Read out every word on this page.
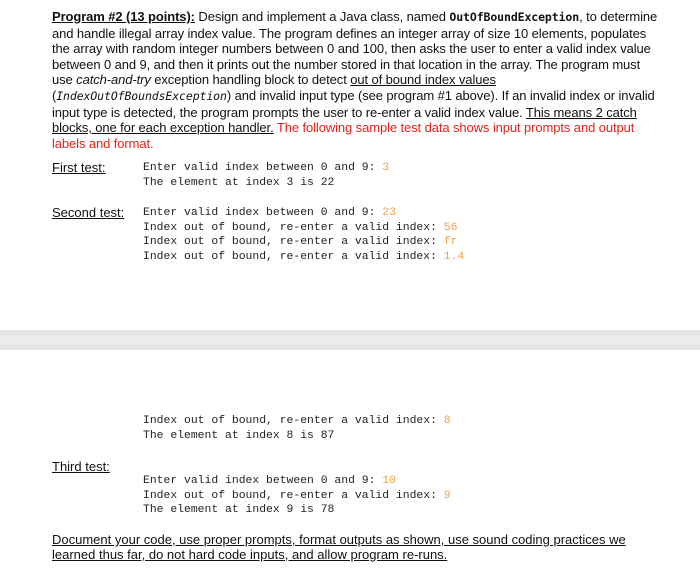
Program #2 (13 points): Design and implement a Java class, named OutOfBoundException, to determine and handle illegal array index value. The program defines an integer array of size 10 elements, populates the array with random integer numbers between 0 and 100, then asks the user to enter a valid index value between 0 and 9, and then it prints out the number stored in that location in the array. The program must use catch-and-try exception handling block to detect out of bound index values (IndexOutOfBoundsException) and invalid input type (see program #1 above). If an invalid index or invalid input type is detected, the program prompts the user to re-enter a valid index value. This means 2 catch blocks, one for each exception handler. The following sample test data shows input prompts and output labels and format.
First test:	Enter valid index between 0 and 9: 3
The element at index 3 is 22
Second test: Enter valid index between 0 and 9: 23
Index out of bound, re-enter a valid index: 56
Index out of bound, re-enter a valid index: fr
Index out of bound, re-enter a valid index: 1.4
Index out of bound, re-enter a valid index: 8
The element at index 8 is 87
Third test:
Enter valid index between 0 and 9: 10
Index out of bound, re-enter a valid index: 9
The element at index 9 is 78
Document your code, use proper prompts, format outputs as shown, use sound coding practices we learned thus far, do not hard code inputs, and allow program re-runs.
